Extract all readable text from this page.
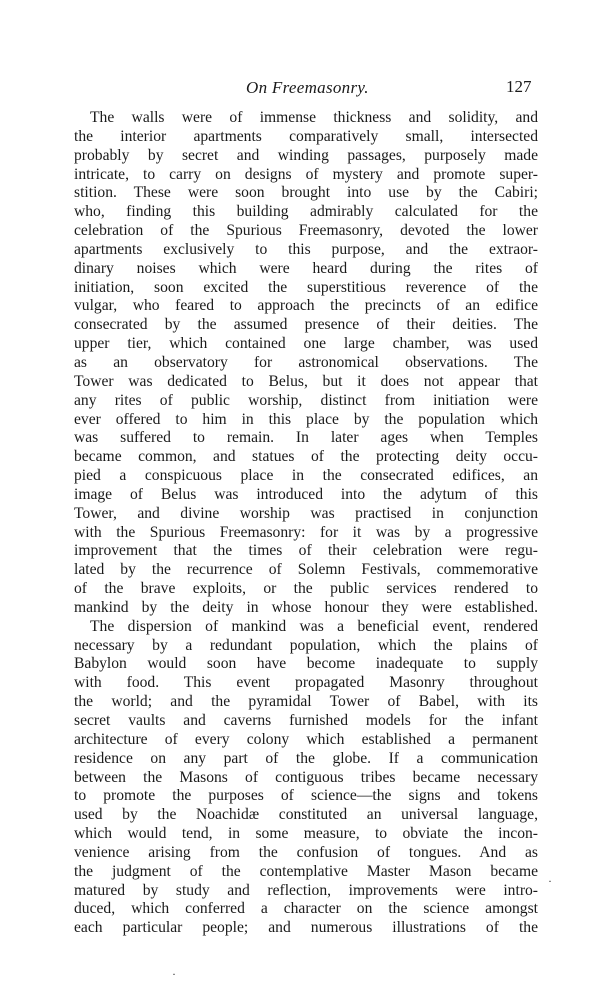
On Freemasonry.	127
The walls were of immense thickness and solidity, and
the interior apartments comparatively small, intersected
probably by secret and winding passages, purposely made
intricate, to carry on designs of mystery and promote super-
stition. These were soon brought into use by the Cabiri;
who, finding this building admirably calculated for the
celebration of the Spurious Freemasonry, devoted the lower
apartments exclusively to this purpose, and the extraor-
dinary noises which were heard during the rites of
initiation, soon excited the superstitious reverence of the
vulgar, who feared to approach the precincts of an edifice
consecrated by the assumed presence of their deities. The
upper tier, which contained one large chamber, was used
as an observatory for astronomical observations. The
Tower was dedicated to Belus, but it does not appear that
any rites of public worship, distinct from initiation were
ever offered to him in this place by the population which
was suffered to remain. In later ages when Temples
became common, and statues of the protecting deity occu-
pied a conspicuous place in the consecrated edifices, an
image of Belus was introduced into the adytum of this
Tower, and divine worship was practised in conjunction
with the Spurious Freemasonry: for it was by a progressive
improvement that the times of their celebration were regu-
lated by the recurrence of Solemn Festivals, commemorative
of the brave exploits, or the public services rendered to
mankind by the deity in whose honour they were established.
The dispersion of mankind was a beneficial event, rendered
necessary by a redundant population, which the plains of
Babylon would soon have become inadequate to supply
with food. This event propagated Masonry throughout
the world; and the pyramidal Tower of Babel, with its
secret vaults and caverns furnished models for the infant
architecture of every colony which established a permanent
residence on any part of the globe. If a communication
between the Masons of contiguous tribes became necessary
to promote the purposes of science—the signs and tokens
used by the Noachidæ constituted an universal language,
which would tend, in some measure, to obviate the incon-
venience arising from the confusion of tongues. And as
the judgment of the contemplative Master Mason became
matured by study and reflection, improvements were intro-
duced, which conferred a character on the science amongst
each particular people; and numerous illustrations of the
·
·
